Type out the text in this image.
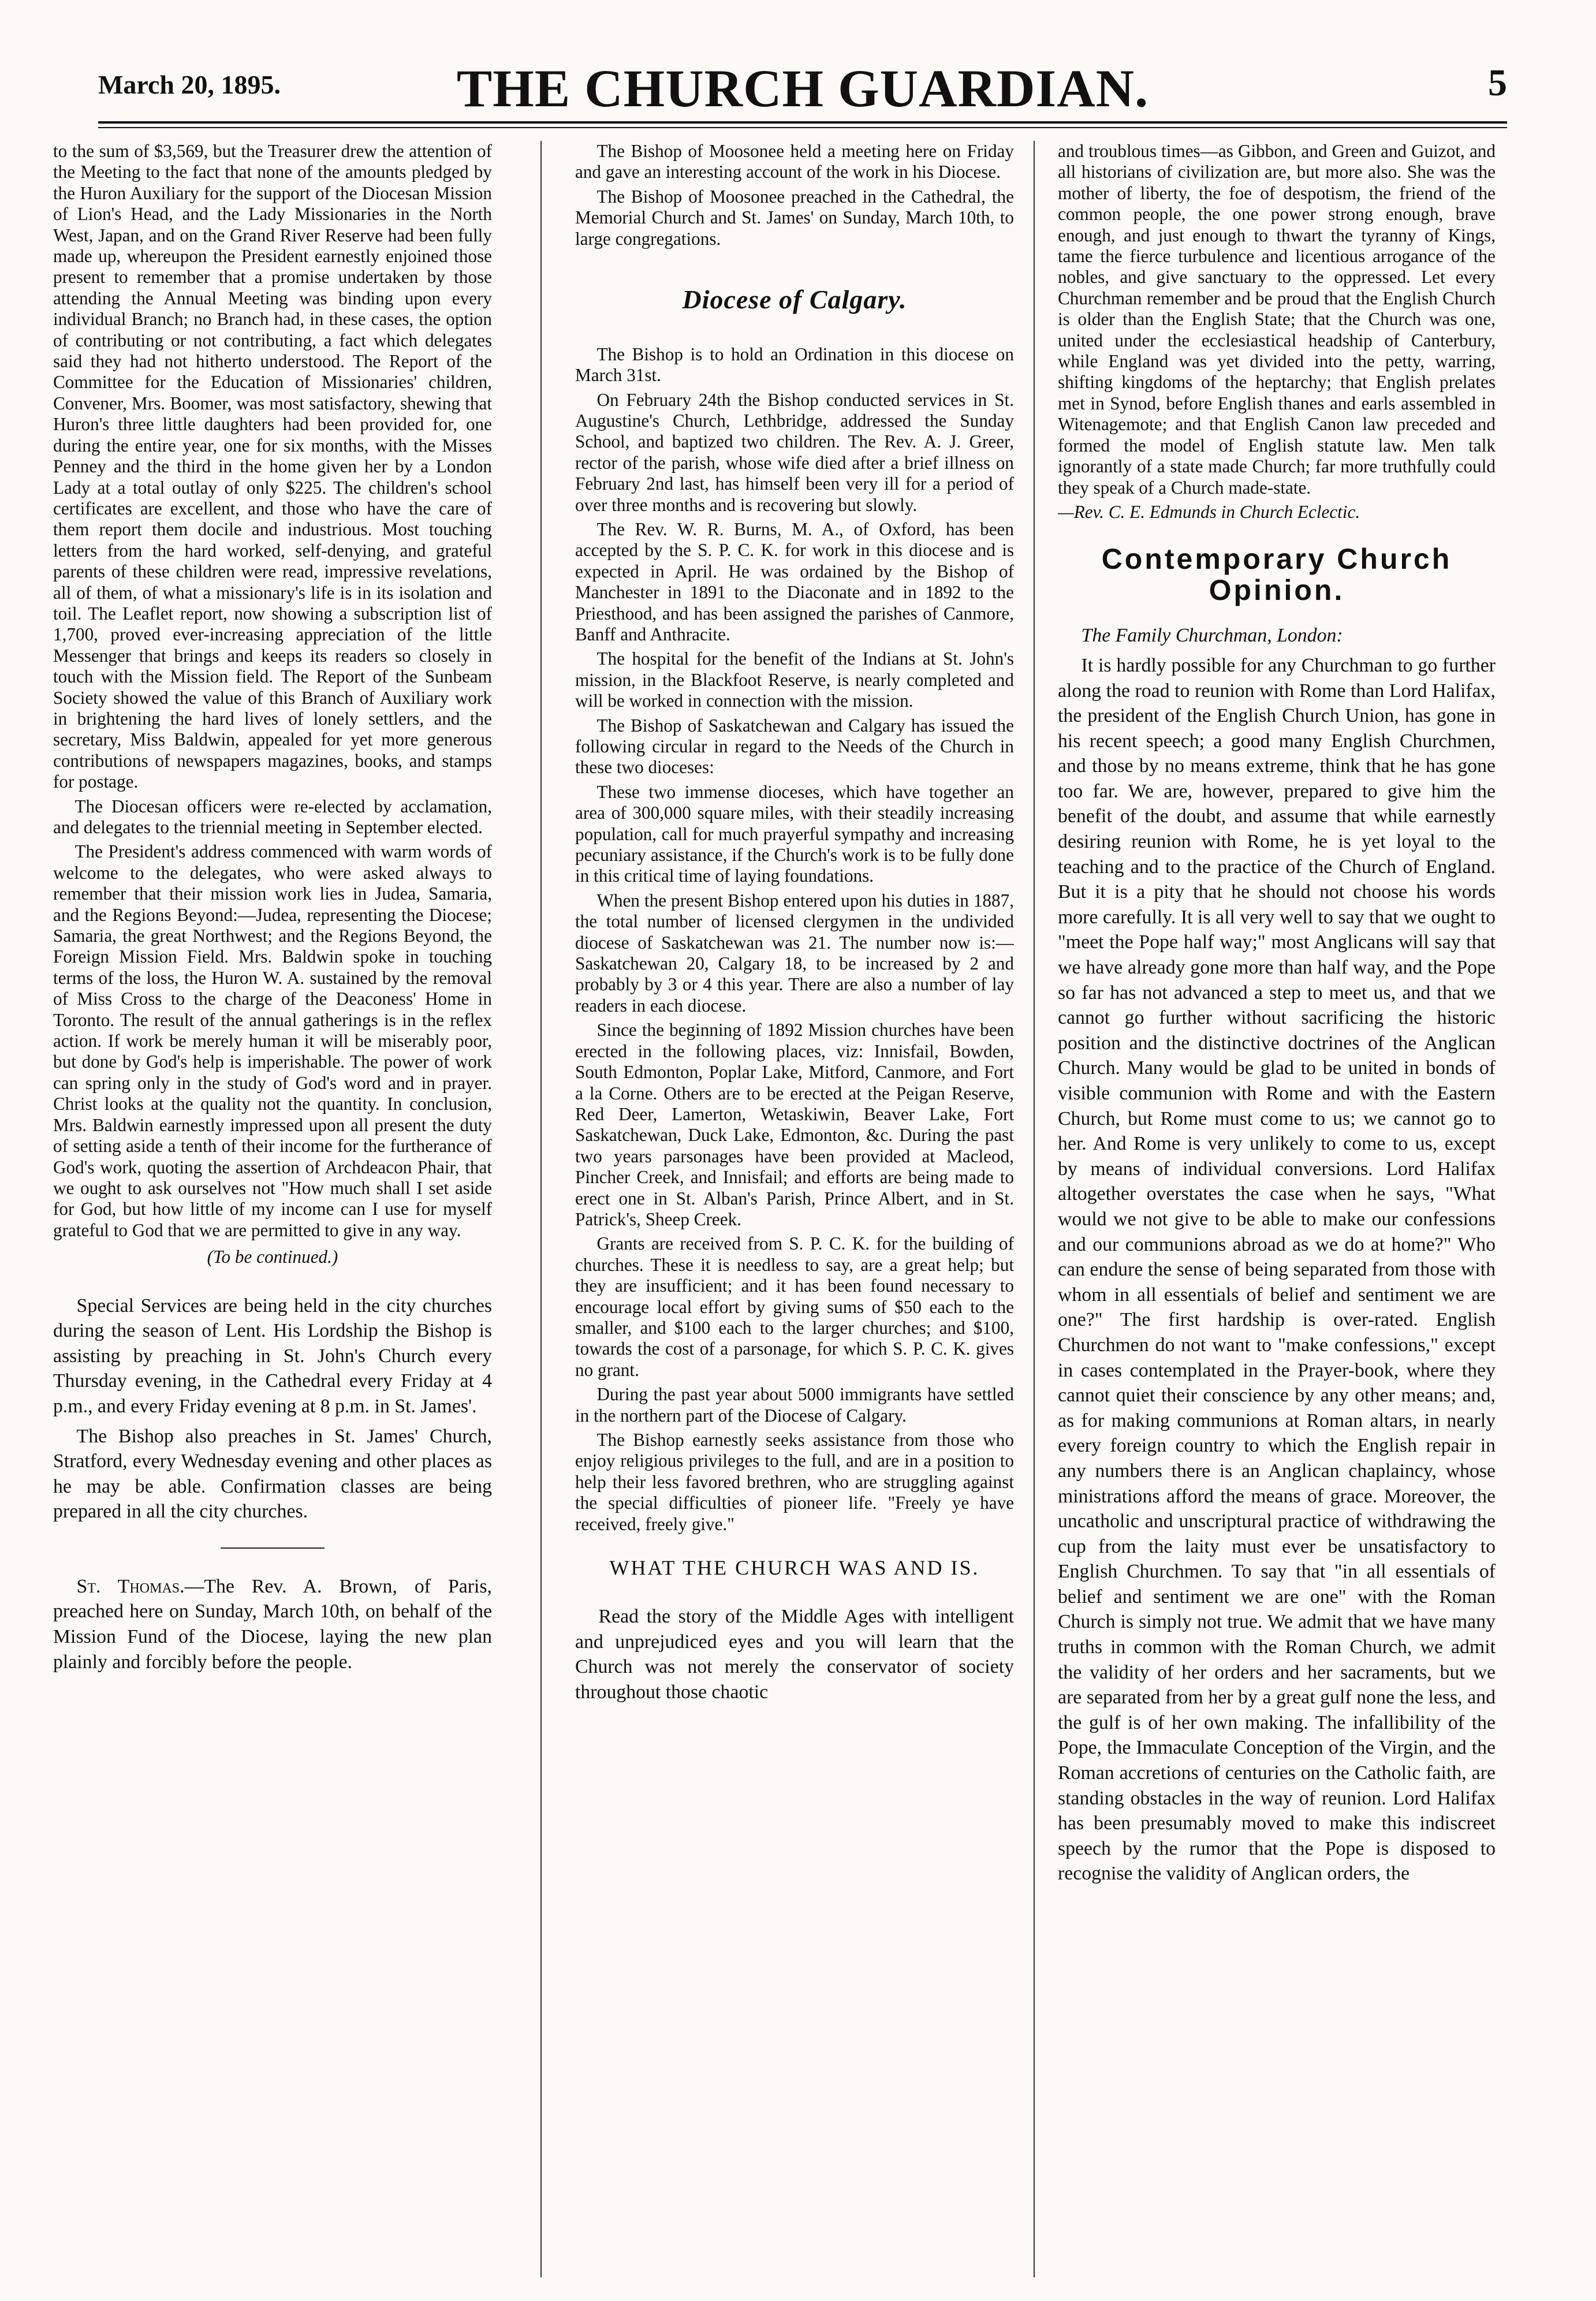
March 20, 1895.	THE CHURCH GUARDIAN.	5

to the sum of $3,569, but the Treasurer drew the attention of the Meeting to the fact that none of the amounts pledged by the Huron Auxiliary for the support of the Diocesan Mission of Lion's Head, and the Lady Missionaries in the North West, Japan, and on the Grand River Reserve had been fully made up, whereupon the President earnestly enjoined those present to remember that a promise undertaken by those attending the Annual Meeting was binding upon every individual Branch; no Branch had, in these cases, the option of contributing or not contributing, a fact which delegates said they had not hitherto understood. The Report of the Committee for the Education of Missionaries' children, Convener, Mrs. Boomer, was most satisfactory, shewing that Huron's three little daughters had been provided for, one during the entire year, one for six months, with the Misses Penney and the third in the home given her by a London Lady at a total outlay of only $225. The children's school certificates are excellent, and those who have the care of them report them docile and industrious. Most touching letters from the hard worked, self-denying, and grateful parents of these children were read, impressive revelations, all of them, of what a missionary's life is in its isolation and toil. The Leaflet report, now showing a subscription list of 1,700, proved ever-increasing appreciation of the little Messenger that brings and keeps its readers so closely in touch with the Mission field. The Report of the Sunbeam Society showed the value of this Branch of Auxiliary work in brightening the hard lives of lonely settlers, and the secretary, Miss Baldwin, appealed for yet more generous contributions of newspapers magazines, books, and stamps for postage.

The Diocesan officers were re-elected by acclamation, and delegates to the triennial meeting in September elected.

The President's address commenced with warm words of welcome to the delegates, who were asked always to remember that their mission work lies in Judea, Samaria, and the Regions Beyond:—Judea, representing the Diocese; Samaria, the great Northwest; and the Regions Beyond, the Foreign Mission Field. Mrs. Baldwin spoke in touching terms of the loss, the Huron W. A. sustained by the removal of Miss Cross to the charge of the Deaconess' Home in Toronto. The result of the annual gatherings is in the reflex action. If work be merely human it will be miserably poor, but done by God's help is imperishable. The power of work can spring only in the study of God's word and in prayer. Christ looks at the quality not the quantity. In conclusion, Mrs. Baldwin earnestly impressed upon all present the duty of setting aside a tenth of their income for the furtherance of God's work, quoting the assertion of Archdeacon Phair, that we ought to ask ourselves not "How much shall I set aside for God, but how little of my income can I use for myself grateful to God that we are permitted to give in any way.

(To be continued.)

Special Services are being held in the city churches during the season of Lent. His Lordship the Bishop is assisting by preaching in St. John's Church every Thursday evening, in the Cathedral every Friday at 4 p.m., and every Friday evening at 8 p.m. in St. James'.

The Bishop also preaches in St. James' Church, Stratford, every Wednesday evening and other places as he may be able. Confirmation classes are being prepared in all the city churches.

St. Thomas.—The Rev. A. Brown, of Paris, preached here on Sunday, March 10th, on behalf of the Mission Fund of the Diocese, laying the new plan plainly and forcibly before the people.

The Bishop of Moosonee held a meeting here on Friday and gave an interesting account of the work in his Diocese.

The Bishop of Moosonee preached in the Cathedral, the Memorial Church and St. James' on Sunday, March 10th, to large congregations.

Diocese of Calgary.

The Bishop is to hold an Ordination in this diocese on March 31st.

On February 24th the Bishop conducted services in St. Augustine's Church, Lethbridge, addressed the Sunday School, and baptized two children. The Rev. A. J. Greer, rector of the parish, whose wife died after a brief illness on February 2nd last, has himself been very ill for a period of over three months and is recovering but slowly.

The Rev. W. R. Burns, M. A., of Oxford, has been accepted by the S. P. C. K. for work in this diocese and is expected in April. He was ordained by the Bishop of Manchester in 1891 to the Diaconate and in 1892 to the Priesthood, and has been assigned the parishes of Canmore, Banff and Anthracite.

The hospital for the benefit of the Indians at St. John's mission, in the Blackfoot Reserve, is nearly completed and will be worked in connection with the mission.

The Bishop of Saskatchewan and Calgary has issued the following circular in regard to the Needs of the Church in these two dioceses:

These two immense dioceses, which have together an area of 300,000 square miles, with their steadily increasing population, call for much prayerful sympathy and increasing pecuniary assistance, if the Church's work is to be fully done in this critical time of laying foundations.

When the present Bishop entered upon his duties in 1887, the total number of licensed clergymen in the undivided diocese of Saskatchewan was 21. The number now is:—Saskatchewan 20, Calgary 18, to be increased by 2 and probably by 3 or 4 this year. There are also a number of lay readers in each diocese.

Since the beginning of 1892 Mission churches have been erected in the following places, viz: Innisfail, Bowden, South Edmonton, Poplar Lake, Mitford, Canmore, and Fort a la Corne. Others are to be erected at the Peigan Reserve, Red Deer, Lamerton, Wetaskiwin, Beaver Lake, Fort Saskatchewan, Duck Lake, Edmonton, &c. During the past two years parsonages have been provided at Macleod, Pincher Creek, and Innisfail; and efforts are being made to erect one in St. Alban's Parish, Prince Albert, and in St. Patrick's, Sheep Creek.

Grants are received from S. P. C. K. for the building of churches. These it is needless to say, are a great help; but they are insufficient; and it has been found necessary to encourage local effort by giving sums of $50 each to the smaller, and $100 each to the larger churches; and $100, towards the cost of a parsonage, for which S. P. C. K. gives no grant.

During the past year about 5000 immigrants have settled in the northern part of the Diocese of Calgary.

The Bishop earnestly seeks assistance from those who enjoy religious privileges to the full, and are in a position to help their less favored brethren, who are struggling against the special difficulties of pioneer life. "Freely ye have received, freely give."

WHAT THE CHURCH WAS AND IS.

Read the story of the Middle Ages with intelligent and unprejudiced eyes and you will learn that the Church was not merely the conservator of society throughout those chaotic

and troublous times—as Gibbon, and Green and Guizot, and all historians of civilization are, but more also. She was the mother of liberty, the foe of despotism, the friend of the common people, the one power strong enough, brave enough, and just enough to thwart the tyranny of Kings, tame the fierce turbulence and licentious arrogance of the nobles, and give sanctuary to the oppressed. Let every Churchman remember and be proud that the English Church is older than the English State; that the Church was one, united under the ecclesiastical headship of Canterbury, while England was yet divided into the petty, warring, shifting kingdoms of the heptarchy; that English prelates met in Synod, before English thanes and earls assembled in Witenagemote; and that English Canon law preceded and formed the model of English statute law. Men talk ignorantly of a state made Church; far more truthfully could they speak of a Church made-state.

—Rev. C. E. Edmunds in Church Eclectic.

Contemporary Church Opinion.

The Family Churchman, London:

It is hardly possible for any Churchman to go further along the road to reunion with Rome than Lord Halifax, the president of the English Church Union, has gone in his recent speech; a good many English Churchmen, and those by no means extreme, think that he has gone too far. We are, however, prepared to give him the benefit of the doubt, and assume that while earnestly desiring reunion with Rome, he is yet loyal to the teaching and to the practice of the Church of England. But it is a pity that he should not choose his words more carefully. It is all very well to say that we ought to "meet the Pope half way;" most Anglicans will say that we have already gone more than half way, and the Pope so far has not advanced a step to meet us, and that we cannot go further without sacrificing the historic position and the distinctive doctrines of the Anglican Church. Many would be glad to be united in bonds of visible communion with Rome and with the Eastern Church, but Rome must come to us; we cannot go to her. And Rome is very unlikely to come to us, except by means of individual conversions. Lord Halifax altogether overstates the case when he says, "What would we not give to be able to make our confessions and our communions abroad as we do at home?" Who can endure the sense of being separated from those with whom in all essentials of belief and sentiment we are one?" The first hardship is over-rated. English Churchmen do not want to "make confessions," except in cases contemplated in the Prayer-book, where they cannot quiet their conscience by any other means; and, as for making communions at Roman altars, in nearly every foreign country to which the English repair in any numbers there is an Anglican chaplaincy, whose ministrations afford the means of grace. Moreover, the uncatholic and unscriptural practice of withdrawing the cup from the laity must ever be unsatisfactory to English Churchmen. To say that "in all essentials of belief and sentiment we are one" with the Roman Church is simply not true. We admit that we have many truths in common with the Roman Church, we admit the validity of her orders and her sacraments, but we are separated from her by a great gulf none the less, and the gulf is of her own making. The infallibility of the Pope, the Immaculate Conception of the Virgin, and the Roman accretions of centuries on the Catholic faith, are standing obstacles in the way of reunion. Lord Halifax has been presumably moved to make this indiscreet speech by the rumor that the Pope is disposed to recognise the validity of Anglican orders, the
